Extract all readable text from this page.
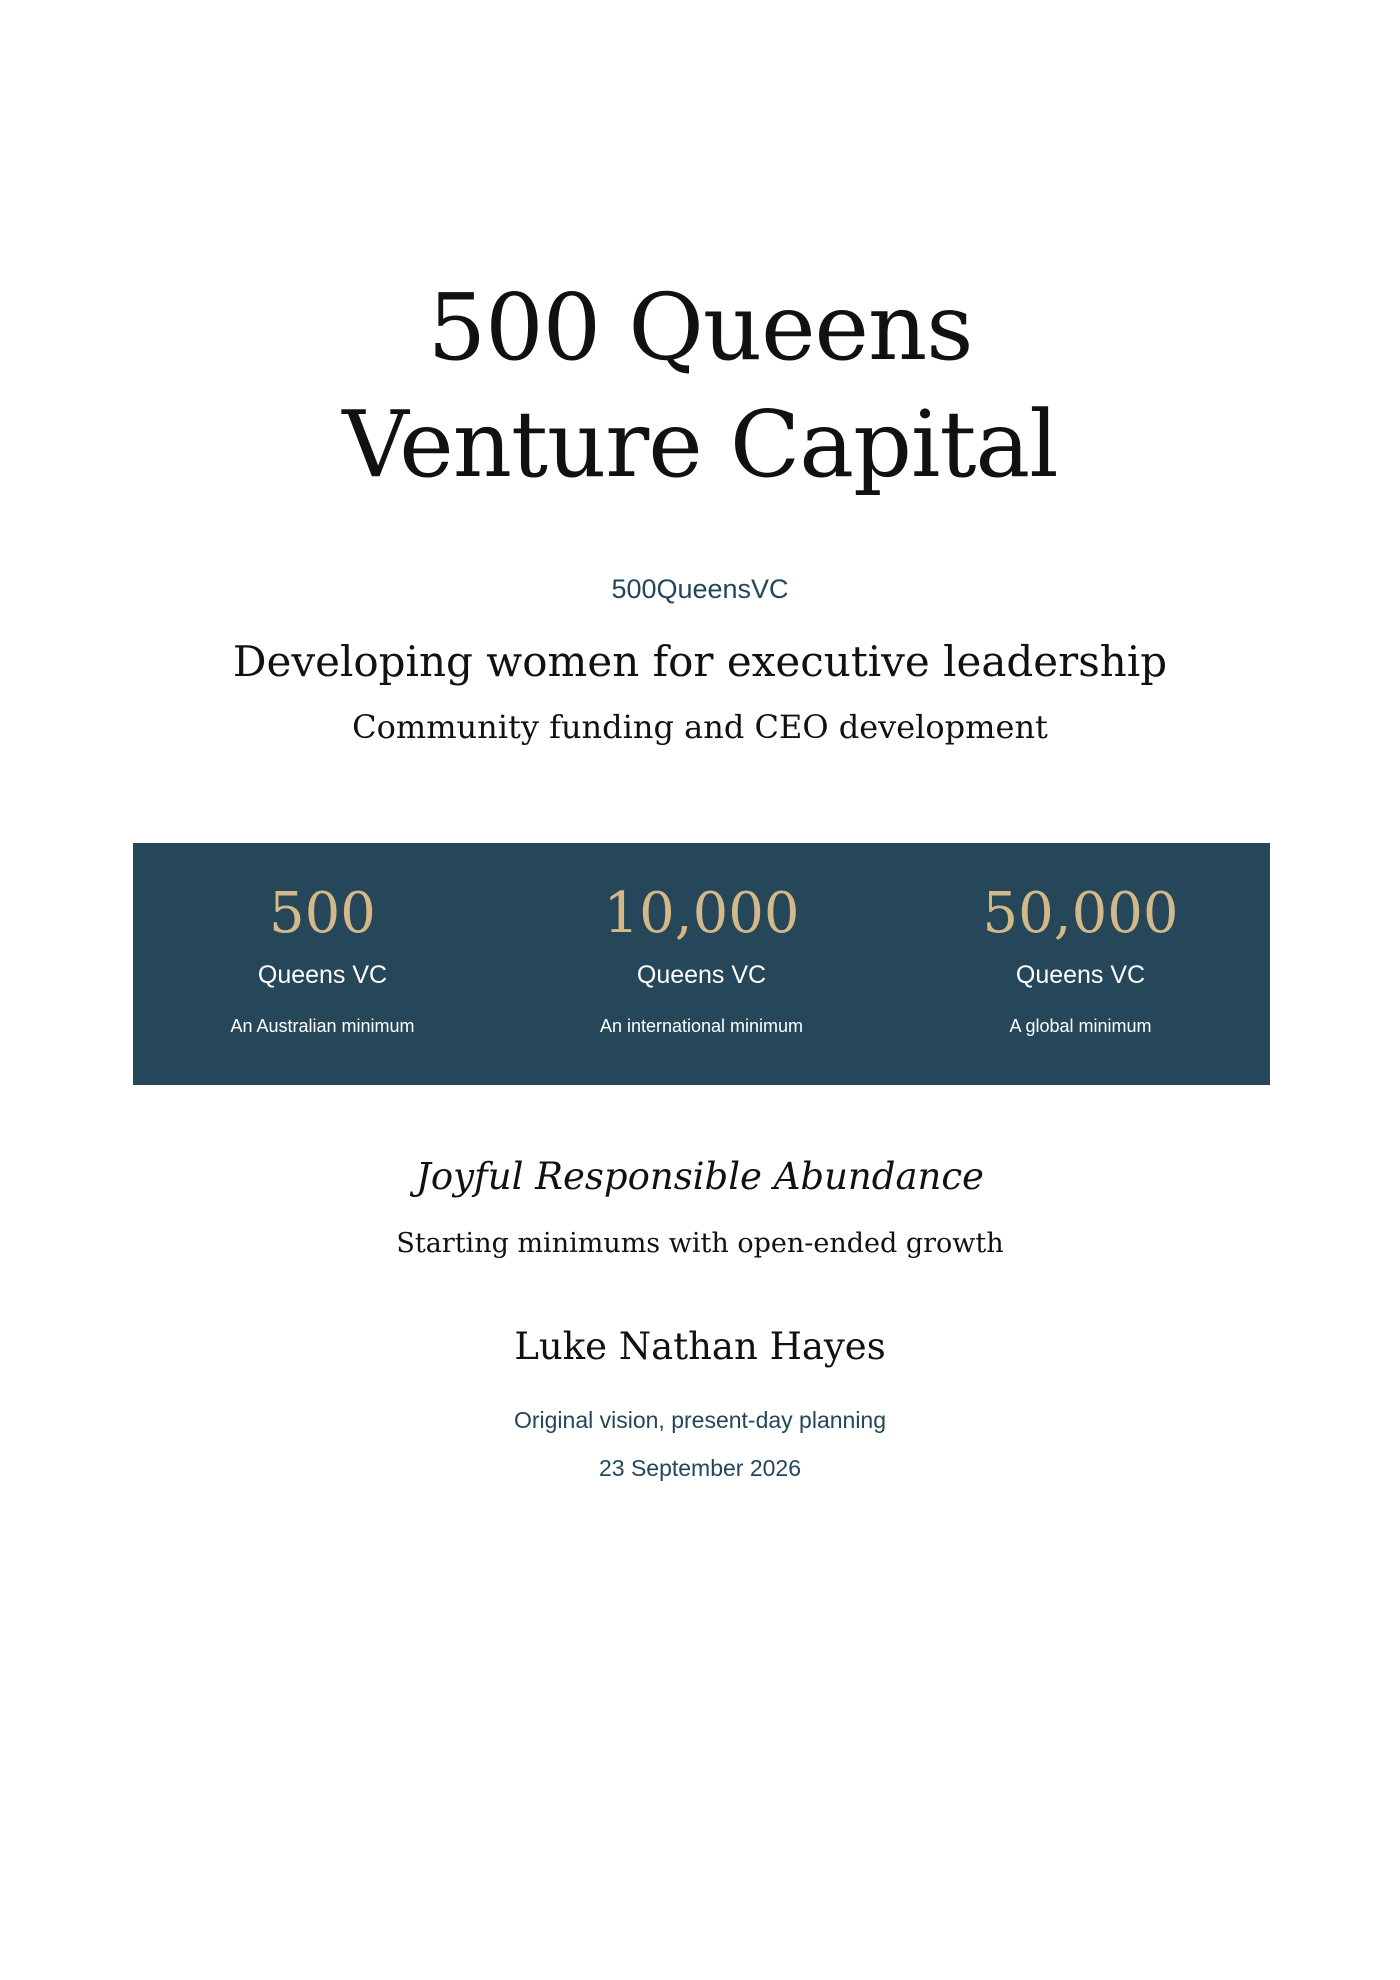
500 Queens
Venture Capital
500QueensVC
Developing women for executive leadership
Community funding and CEO development
500
Queens VC
An Australian minimum
10,000
Queens VC
An international minimum
50,000
Queens VC
A global minimum
Joyful Responsible Abundance
Starting minimums with open-ended growth
Luke Nathan Hayes
Original vision, present-day planning
23 September 2026
